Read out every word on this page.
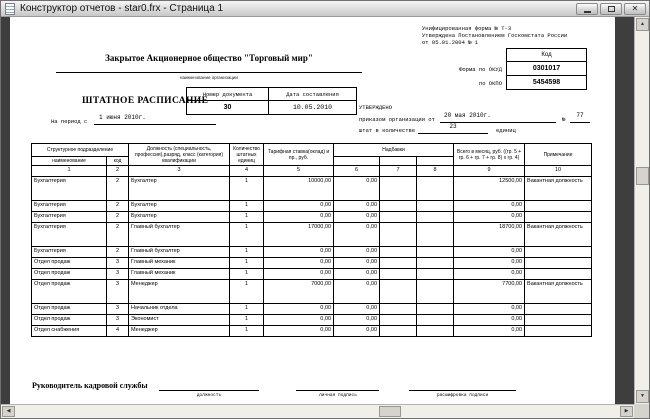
Конструктор отчетов - star0.frx - Страница 1	✕
Унифицированная форма № Т-3
Утверждена Постановлением Госкомстата России
от 05.01.2004 № 1
Код
0301017
5454598
Форма по ОКУД
по ОКПО
Закрытое Акционерное общество "Торговый мир"
наименование организации
ШТАТНОЕ РАСПИСАНИЕ
Номер документа	Дата составления
30	10.05.2010
На период с
1 июня 2010г.
УТВЕРЖДЕНО
приказом организации от
20 мая 2010г.
№
77
штат в количестве
23
единиц
Структурное подразделение		Должность (специальность, профессия),разряд, класс (категория) квалификации	Количество штатных единиц	Тарифная ставка(оклад) и пр., руб.	Надбавки			Всего в месяц, руб. ((гр. 5 + гр. 6 + гр. 7 + гр. 8) х гр. 4)	Примечание
наименование	код								
1	2	3	4	5	6	7	8	9	10
Бухгалтерия	2	Бухгалтер	1	10000,00	0,00			12500,00	Вакантная должность
Бухгалтерия	2	Бухгалтер	1	0,00	0,00			0,00	
Бухгалтерия	2	Бухгалтер	1	0,00	0,00			0,00	
Бухгалтерия	2	Главный бухгалтер	1	17000,00	0,00			18700,00	Вакантная должность
Бухгалтерия	2	Главный бухгалтер	1	0,00	0,00			0,00	
Отдел продаж	3	Главный механик	1	0,00	0,00			0,00	
Отдел продаж	3	Главный механик	1	0,00	0,00			0,00	
Отдел продаж	3	Менеджер	1	7000,00	0,00			7700,00	Вакантная должность
Отдел продаж	3	Начальник отдела	1	0,00	0,00			0,00	
Отдел продаж	3	Экономист	1	0,00	0,00			0,00	
Отдел снабжения	4	Менеджер	1	0,00	0,00			0,00	
Руководитель кадровой службы
должность	личная подпись	расшифровка подписи
▲
▼
◀	▶
